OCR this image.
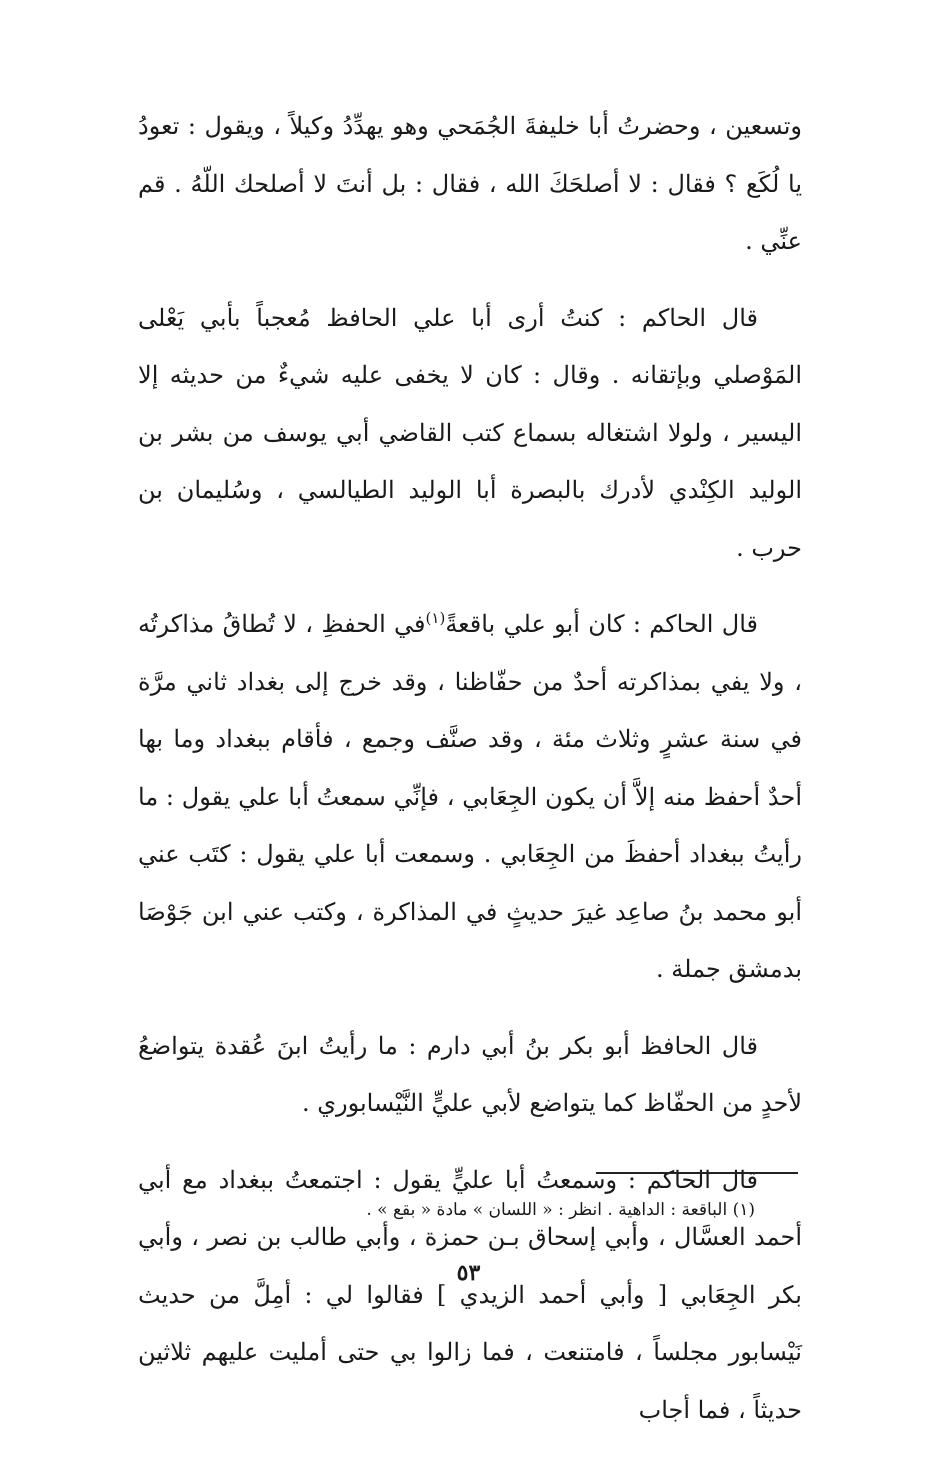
وتسعين ، وحضرتُ أبا خليفةَ الجُمَحي وهو يهدِّدُ وكيلاً ، ويقول : تعودُ يا لُكَع ؟ فقال : لا أصلحَكَ الله ، فقال : بل أنتَ لا أصلحك اللّهُ . قم عنِّي .

قال الحاكم : كنتُ أرى أبا علي الحافظ مُعجباً بأبي يَعْلى المَوْصلي وبإتقانه . وقال : كان لا يخفى عليه شيءٌ من حديثه إلا اليسير ، ولولا اشتغاله بسماع كتب القاضي أبي يوسف من بشر بن الوليد الكِنْدي لأدرك بالبصرة أبا الوليد الطيالسي ، وسُليمان بن حرب .

قال الحاكم : كان أبو علي باقعةً$^{(١)}$في الحفظِ ، لا تُطاقُ مذاكرتُه ، ولا يفي بمذاكرته أحدٌ من حفّاظنا ، وقد خرج إلى بغداد ثاني مرَّة في سنة عشرٍ وثلاث مئة ، وقد صنَّف وجمع ، فأقام ببغداد وما بها أحدٌ أحفظ منه إلاَّ أن يكون الجِعَابي ، فإنِّي سمعتُ أبا علي يقول : ما رأيتُ ببغداد أحفظَ من الجِعَابي . وسمعت أبا علي يقول : كتَب عني أبو محمد بنُ صاعِد غيرَ حديثٍ في المذاكرة ، وكتب عني ابن جَوْصَا بدمشق جملة .

قال الحافظ أبو بكر بنُ أبي دارم : ما رأيتُ ابنَ عُقدة يتواضعُ لأحدٍ من الحفّاظ كما يتواضع لأبي عليٍّ النَّيْسابوري .

قال الحاكم : وسمعتُ أبا عليٍّ يقول : اجتمعتُ ببغداد مع أبي أحمد العسَّال ، وأبي إسحاق بـن حمزة ، وأبي طالب بن نصر ، وأبي بكر الجِعَابي [ وأبي أحمد الزيدي ] فقالوا لي : أمِلَّ من حديث نَيْسابور مجلساً ، فامتنعت ، فما زالوا بي حتى أمليت عليهم ثلاثين حديثاً ، فما أجاب

(١) الباقعة : الداهية . انظر : « اللسان » مادة « بقع » .
٥٣
